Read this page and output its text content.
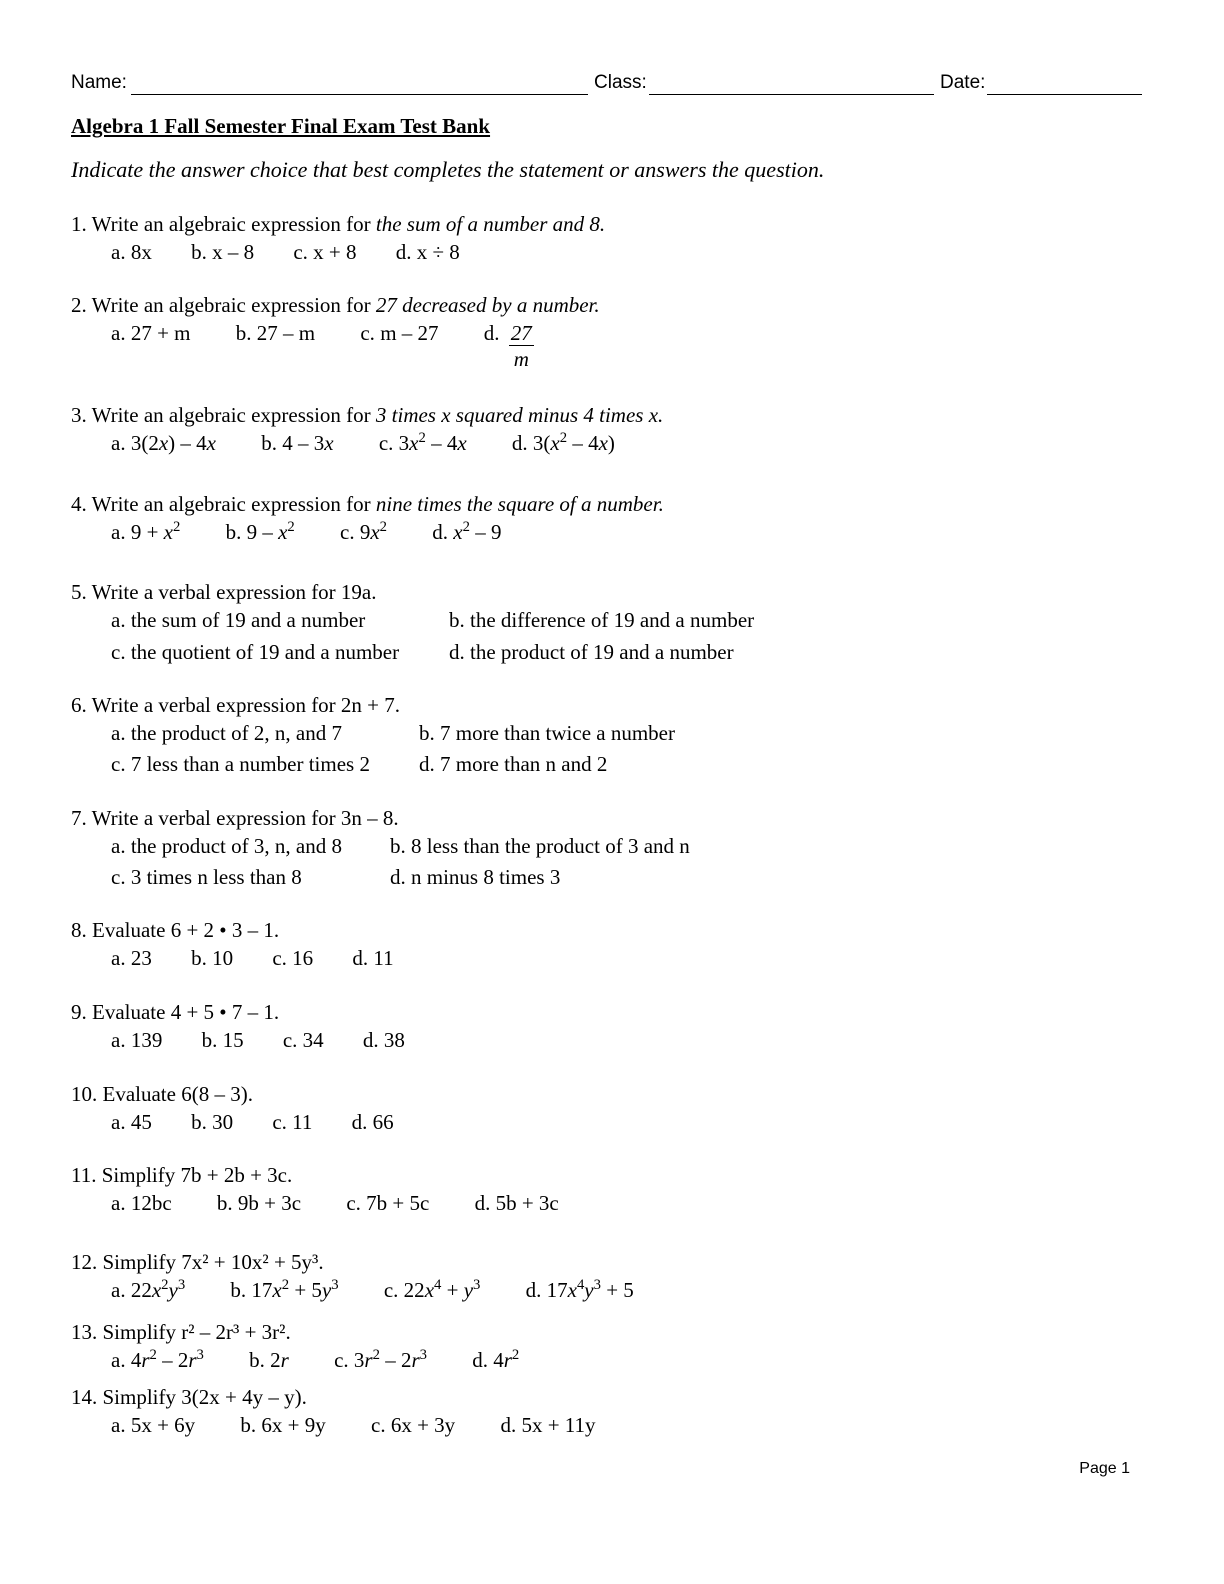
Name:	Class:	Date:
Algebra 1 Fall Semester Final Exam Test Bank

Indicate the answer choice that best completes the statement or answers the question.

1. Write an algebraic expression for the sum of a number and 8.
a. 8x b. x – 8 c. x + 8 d. x ÷ 8
2. Write an algebraic expression for 27 decreased by a number.
a. 27 + m b. 27 – m c. m – 27 d. $\frac{27}{m}$
3. Write an algebraic expression for 3 times x squared minus 4 times x.
a. 3(2x) – 4x b. 4 – 3x c. $3x^2 - 4x$ d. $3(x^2 - 4x)$
4. Write an algebraic expression for nine times the square of a number.
a. $9 + x^2$ b. $9 - x^2$ c. $9x^2$ d. $x^2 - 9$
5. Write a verbal expression for 19a.
a. the sum of 19 and a number	b. the difference of 19 and a number
c. the quotient of 19 and a number d. the product of 19 and a number
6. Write a verbal expression for 2n + 7.
a. the product of 2, n, and 7	b. 7 more than twice a number
c. 7 less than a number times 2 d. 7 more than n and 2
7. Write a verbal expression for 3n – 8.
a. the product of 3, n, and 8 b. 8 less than the product of 3 and n
c. 3 times n less than 8	d. n minus 8 times 3
8. Evaluate 6 + 2 • 3 – 1.
a. 23 b. 10 c. 16 d. 11
9. Evaluate 4 + 5 • 7 – 1.
a. 139 b. 15 c. 34 d. 38
10. Evaluate 6(8 – 3).
a. 45 b. 30 c. 11 d. 66
11. Simplify 7b + 2b + 3c.
a. 12bc b. 9b + 3c c. 7b + 5c d. 5b + 3c
12. Simplify 7x² + 10x² + 5y³.
a. $22x^2y^3$ b. $17x^2 + 5y^3$ c. $22x^4 + y^3$ d. $17x^4y^3 + 5$
13. Simplify r² – 2r³ + 3r².
a. $4r^2 - 2r^3$ b. 2r c. $3r^2 - 2r^3$ d. $4r^2$
14. Simplify 3(2x + 4y – y).
a. 5x + 6y b. 6x + 9y c. 6x + 3y d. 5x + 11y
Page 1
